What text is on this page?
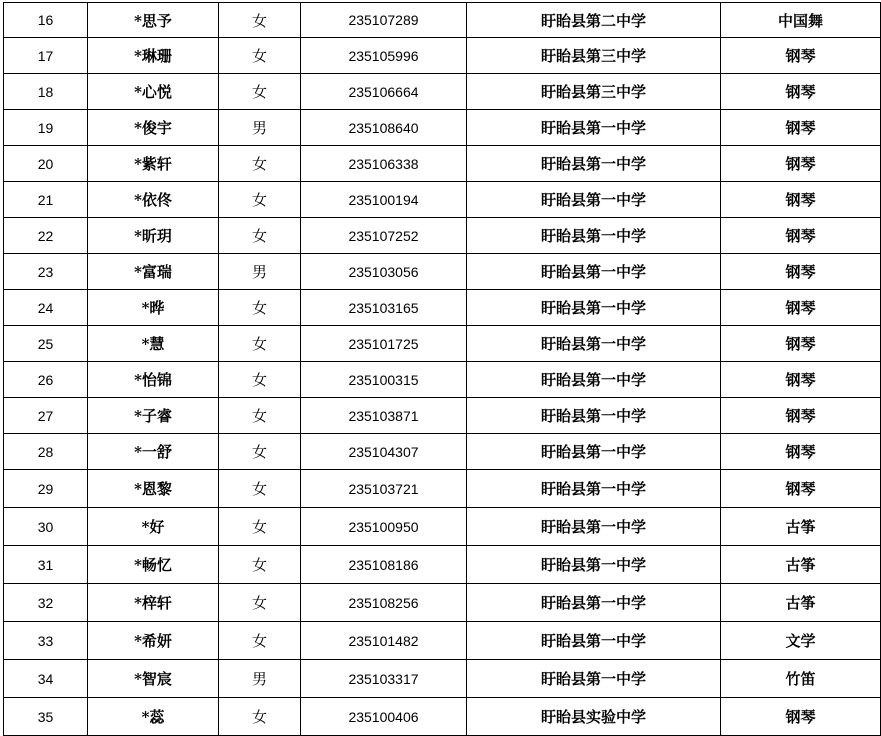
16	*思予	女	235107289	盱眙县第二中学	中国舞
17	*琳珊	女	235105996	盱眙县第三中学	钢琴
18	*心悦	女	235106664	盱眙县第三中学	钢琴
19	*俊宇	男	235108640	盱眙县第一中学	钢琴
20	*紫轩	女	235106338	盱眙县第一中学	钢琴
21	*依佟	女	235100194	盱眙县第一中学	钢琴
22	*昕玥	女	235107252	盱眙县第一中学	钢琴
23	*富瑞	男	235103056	盱眙县第一中学	钢琴
24	*晔	女	235103165	盱眙县第一中学	钢琴
25	*慧	女	235101725	盱眙县第一中学	钢琴
26	*怡锦	女	235100315	盱眙县第一中学	钢琴
27	*子睿	女	235103871	盱眙县第一中学	钢琴
28	*一舒	女	235104307	盱眙县第一中学	钢琴
29	*恩黎	女	235103721	盱眙县第一中学	钢琴
30	*好	女	235100950	盱眙县第一中学	古筝
31	*畅忆	女	235108186	盱眙县第一中学	古筝
32	*梓轩	女	235108256	盱眙县第一中学	古筝
33	*希妍	女	235101482	盱眙县第一中学	文学
34	*智宸	男	235103317	盱眙县第一中学	竹笛
35	*蕊	女	235100406	盱眙县实验中学	钢琴
